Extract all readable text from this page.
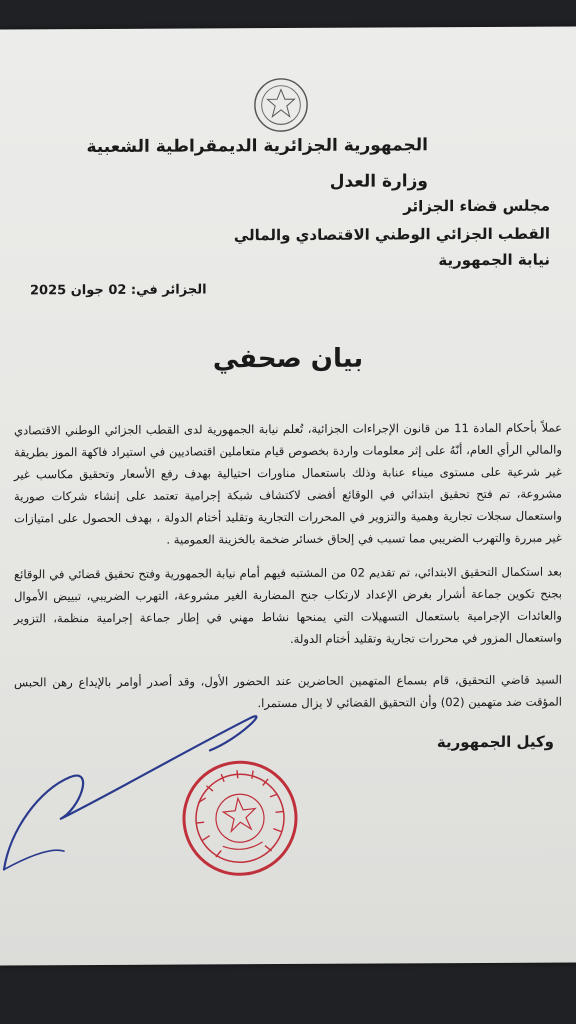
الجمهورية الجزائرية الديمقراطية الشعبية
وزارة العدل
مجلس قضاء الجزائر
القطب الجزائي الوطني الاقتصادي والمالي
نيابة الجمهورية
الجزائر في: 02 جوان 2025
بيان صحفي

عملاً بأحكام المادة 11 من قانون الإجراءات الجزائية، تُعلم نيابة الجمهورية لدى القطب الجزائي الوطني الاقتصادي والمالي الرأي العام، أنّهُ على إثر معلومات واردة بخصوص قيام متعاملين اقتصاديين في استيراد فاكهة الموز بطريقة غير شرعية على مستوى ميناء عنابة وذلك باستعمال مناورات احتيالية بهدف رفع الأسعار وتحقيق مكاسب غير مشروعة، تم فتح تحقيق ابتدائي في الوقائع أفضى لاكتشاف شبكة إجرامية تعتمد على إنشاء شركات صورية واستعمال سجلات تجارية وهمية والتزوير في المحررات التجارية وتقليد أختام الدولة ، بهدف الحصول على امتيازات غير مبررة والتهرب الضريبي مما تسبب في إلحاق خسائر ضخمة بالخزينة العمومية .

بعد استكمال التحقيق الابتدائي، تم تقديم 02 من المشتبه فيهم أمام نيابة الجمهورية وفتح تحقيق قضائي في الوقائع بجنح تكوين جماعة أشرار بغرض الإعداد لارتكاب جنح المضاربة الغير مشروعة، التهرب الضريبي، تبييض الأموال والعائدات الإجرامية باستعمال التسهيلات التي يمنحها نشاط مهني في إطار جماعة إجرامية منظمة، التزوير واستعمال المزور في محررات تجارية وتقليد أختام الدولة.

السيد قاضي التحقيق، قام بسماع المتهمين الحاضرين عند الحضور الأول، وقد أصدر أوامر بالإيداع رهن الحبس المؤقت ضد متهمين (02) وأن التحقيق القضائي لا يزال مستمرا.

وكيل الجمهورية
